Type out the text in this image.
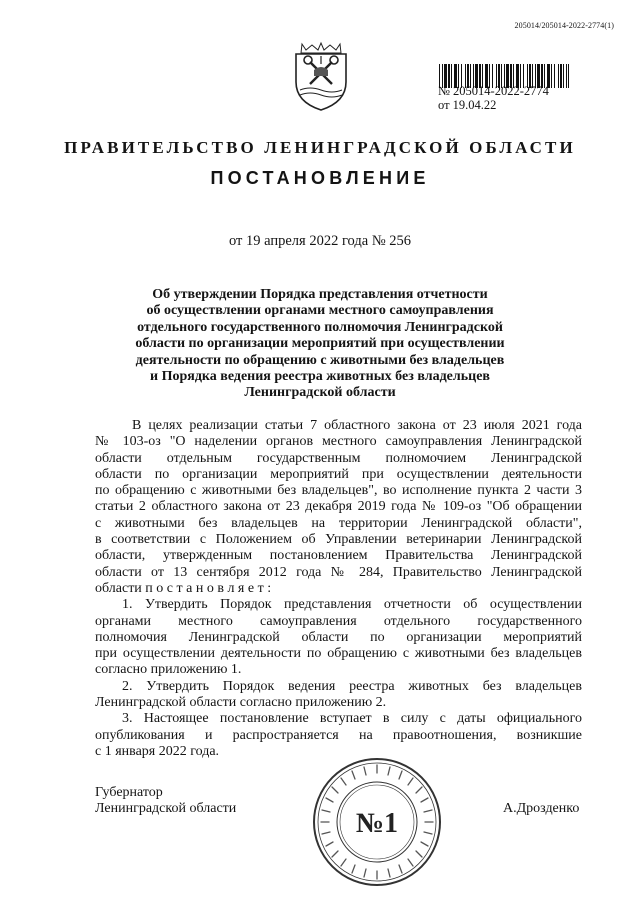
205014/205014-2022-2774(1)
№ 205014-2022-2774
от 19.04.22
ПРАВИТЕЛЬСТВО ЛЕНИНГРАДСКОЙ ОБЛАСТИ
ПОСТАНОВЛЕНИЕ
от 19 апреля 2022 года № 256
Об утверждении Порядка представления отчетности
об осуществлении органами местного самоуправления
отдельного государственного полномочия Ленинградской
области по организации мероприятий при осуществлении
деятельности по обращению с животными без владельцев
и Порядка ведения реестра животных без владельцев
Ленинградской области
В целях реализации статьи 7 областного закона от 23 июля 2021 года
№ 103-оз "О наделении органов местного самоуправления Ленинградской
области отдельным государственным полномочием Ленинградской
области по организации мероприятий при осуществлении деятельности
по обращению с животными без владельцев", во исполнение пункта 2 части 3
статьи 2 областного закона от 23 декабря 2019 года № 109-оз "Об обращении
с животными без владельцев на территории Ленинградской области",
в соответствии с Положением об Управлении ветеринарии Ленинградской
области, утвержденным постановлением Правительства Ленинградской
области от 13 сентября 2012 года № 284, Правительство Ленинградской
области п о с т а н о в л я е т :
1. Утвердить Порядок представления отчетности об осуществлении
органами местного самоуправления отдельного государственного
полномочия Ленинградской области по организации мероприятий
при осуществлении деятельности по обращению с животными без владельцев
согласно приложению 1.
2. Утвердить Порядок ведения реестра животных без владельцев
Ленинградской области согласно приложению 2.
3. Настоящее постановление вступает в силу с даты официального
опубликования и распространяется на правоотношения, возникшие
с 1 января 2022 года.
Губернатор
Ленинградской области	А.Дрозденко
№1
